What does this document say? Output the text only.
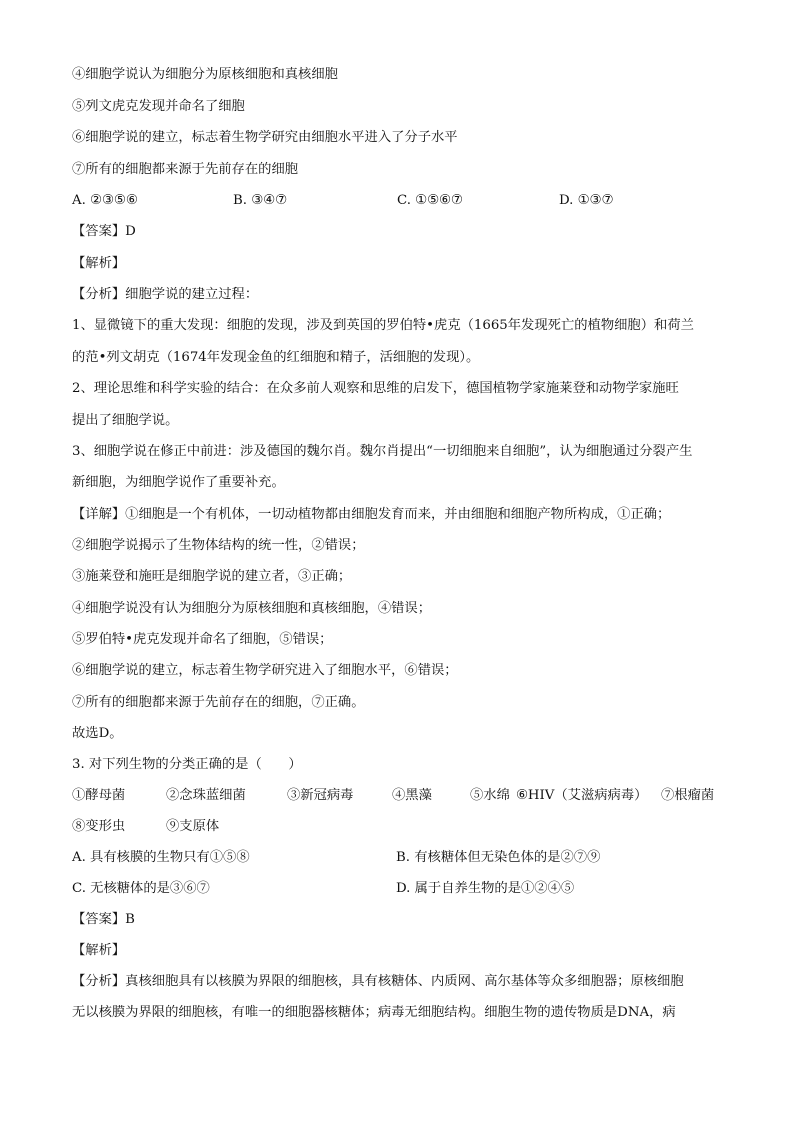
④细胞学说认为细胞分为原核细胞和真核细胞
⑤列文虎克发现并命名了细胞
⑥细胞学说的建立，标志着生物学研究由细胞水平进入了分子水平
⑦所有的细胞都来源于先前存在的细胞
A. ②③⑤⑥	B. ③④⑦	C. ①⑤⑥⑦	D. ①③⑦
【答案】D
【解析】
【分析】细胞学说的建立过程：
1、显微镜下的重大发现：细胞的发现，涉及到英国的罗伯特•虎克（1665年发现死亡的植物细胞）和荷兰
的范•列文胡克（1674年发现金鱼的红细胞和精子，活细胞的发现）。
2、理论思维和科学实验的结合：在众多前人观察和思维的启发下，德国植物学家施莱登和动物学家施旺
提出了细胞学说。
3、细胞学说在修正中前进：涉及德国的魏尔肖。魏尔肖提出“一切细胞来自细胞”，认为细胞通过分裂产生
新细胞，为细胞学说作了重要补充。
【详解】①细胞是一个有机体，一切动植物都由细胞发育而来，并由细胞和细胞产物所构成，①正确；
②细胞学说揭示了生物体结构的统一性，②错误；
③施莱登和施旺是细胞学说的建立者，③正确；
④细胞学说没有认为细胞分为原核细胞和真核细胞，④错误；
⑤罗伯特•虎克发现并命名了细胞，⑤错误；
⑥细胞学说的建立，标志着生物学研究进入了细胞水平，⑥错误；
⑦所有的细胞都来源于先前存在的细胞，⑦正确。
故选D。
3. 对下列生物的分类正确的是（　　）
①酵母菌	②念珠蓝细菌	③新冠病毒	④黑藻	⑤水绵 ⑥HIV（艾滋病病毒） ⑦根瘤菌
⑧变形虫	⑨支原体
A. 具有核膜的生物只有①⑤⑧	B. 有核糖体但无染色体的是②⑦⑨
C. 无核糖体的是③⑥⑦	D. 属于自养生物的是①②④⑤
【答案】B
【解析】
【分析】真核细胞具有以核膜为界限的细胞核，具有核糖体、内质网、高尔基体等众多细胞器；原核细胞
无以核膜为界限的细胞核，有唯一的细胞器核糖体；病毒无细胞结构。细胞生物的遗传物质是DNA，病
